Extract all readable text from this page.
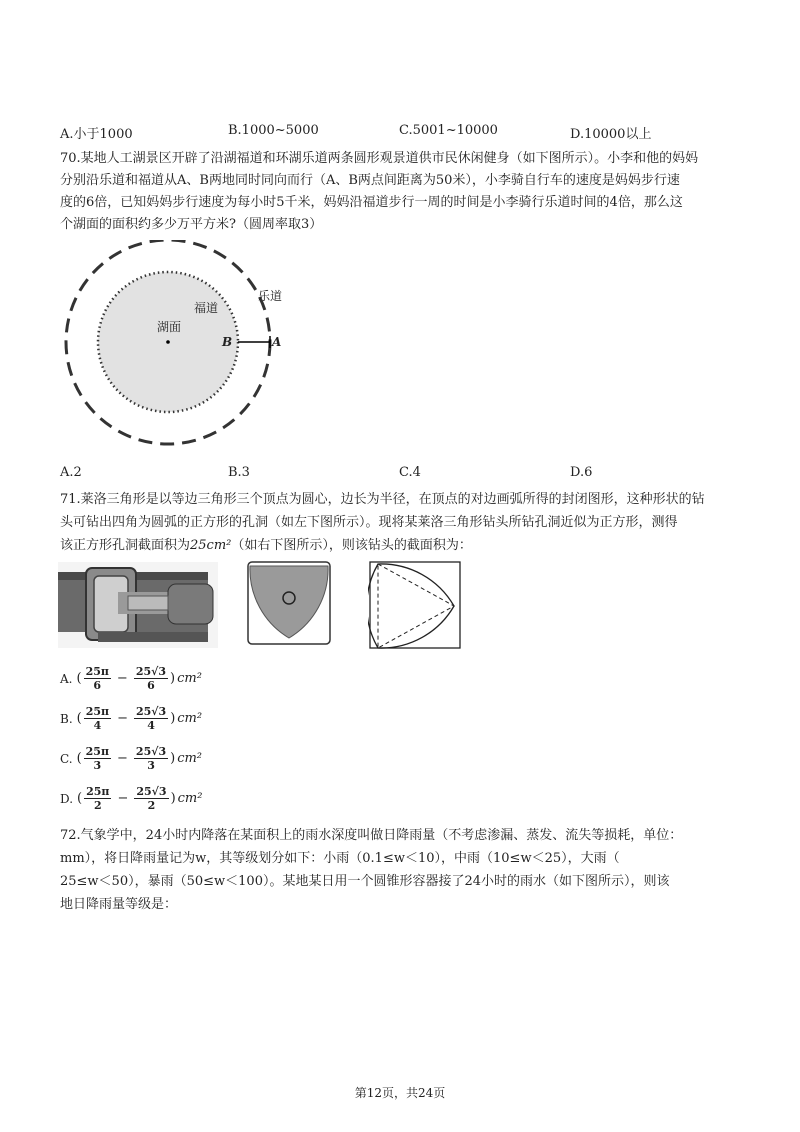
A.小于1000	B.1000~5000	C.5001~10000	D.10000以上
70.某地人工湖景区开辟了沿湖福道和环湖乐道两条圆形观景道供市民休闲健身（如下图所示）。小李和他的妈妈
分别沿乐道和福道从A、B两地同时同向而行（A、B两点间距离为50米），小李骑自行车的速度是妈妈步行速
度的6倍，已知妈妈步行速度为每小时5千米，妈妈沿福道步行一周的时间是小李骑行乐道时间的4倍，那么这
个湖面的面积约多少万平方米?（圆周率取3）
乐道
福道
湖面
B	A
A.2	B.3	C.4	D.6
71.莱洛三角形是以等边三角形三个顶点为圆心，边长为半径，在顶点的对边画弧所得的封闭图形，这种形状的钻
头可钻出四角为圆弧的正方形的孔洞（如左下图所示）。现将某莱洛三角形钻头所钻孔洞近似为正方形，测得
该正方形孔洞截面积为25cm²（如右下图所示），则该钻头的截面积为：
A. ( $\frac{25\pi}{6} - \frac{25√3}{6}$ ) cm²
B. ( $\frac{25\pi}{4} - \frac{25√3}{4}$ ) cm²
C. ( $\frac{25\pi}{3} - \frac{25√3}{3}$ ) cm²
D. ( $\frac{25\pi}{2} - \frac{25√3}{2}$ ) cm²
72.气象学中，24小时内降落在某面积上的雨水深度叫做日降雨量（不考虑渗漏、蒸发、流失等损耗，单位：
mm），将日降雨量记为w，其等级划分如下：小雨（0.1≤w＜10），中雨（10≤w＜25），大雨（
25≤w＜50），暴雨（50≤w＜100）。某地某日用一个圆锥形容器接了24小时的雨水（如下图所示），则该
地日降雨量等级是：
第12页，共24页
